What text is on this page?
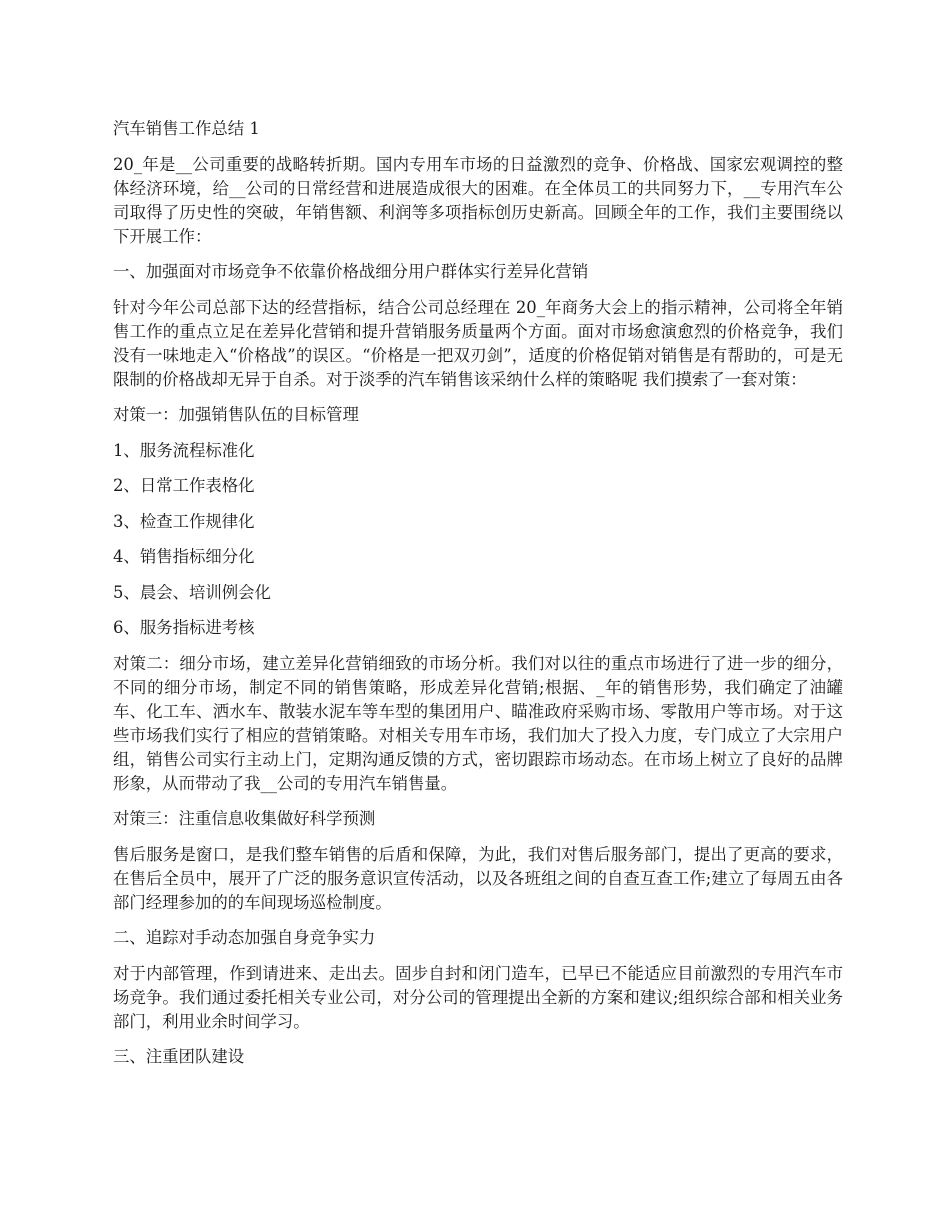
汽车销售工作总结 1

20_年是__公司重要的战略转折期。国内专用车市场的日益激烈的竞争、价格战、国家宏观调控的整体经济环境，给__公司的日常经营和进展造成很大的困难。在全体员工的共同努力下，__专用汽车公司取得了历史性的突破，年销售额、利润等多项指标创历史新高。回顾全年的工作，我们主要围绕以下开展工作：

一、加强面对市场竞争不依靠价格战细分用户群体实行差异化营销

针对今年公司总部下达的经营指标，结合公司总经理在 20_年商务大会上的指示精神，公司将全年销售工作的重点立足在差异化营销和提升营销服务质量两个方面。面对市场愈演愈烈的价格竞争，我们没有一味地走入“价格战”的误区。“价格是一把双刃剑”，适度的价格促销对销售是有帮助的，可是无限制的价格战却无异于自杀。对于淡季的汽车销售该采纳什么样的策略呢 我们摸索了一套对策：

对策一：加强销售队伍的目标管理

1、服务流程标准化

2、日常工作表格化

3、检查工作规律化

4、销售指标细分化

5、晨会、培训例会化

6、服务指标进考核

对策二：细分市场，建立差异化营销细致的市场分析。我们对以往的重点市场进行了进一步的细分，不同的细分市场，制定不同的销售策略，形成差异化营销;根据、_年的销售形势，我们确定了油罐车、化工车、洒水车、散装水泥车等车型的集团用户、瞄准政府采购市场、零散用户等市场。对于这些市场我们实行了相应的营销策略。对相关专用车市场，我们加大了投入力度，专门成立了大宗用户组，销售公司实行主动上门，定期沟通反馈的方式，密切跟踪市场动态。在市场上树立了良好的品牌形象，从而带动了我__公司的专用汽车销售量。

对策三：注重信息收集做好科学预测

售后服务是窗口，是我们整车销售的后盾和保障，为此，我们对售后服务部门，提出了更高的要求，在售后全员中，展开了广泛的服务意识宣传活动，以及各班组之间的自查互查工作;建立了每周五由各部门经理参加的的车间现场巡检制度。

二、追踪对手动态加强自身竞争实力

对于内部管理，作到请进来、走出去。固步自封和闭门造车，已早已不能适应目前激烈的专用汽车市场竞争。我们通过委托相关专业公司，对分公司的管理提出全新的方案和建议;组织综合部和相关业务部门，利用业余时间学习。

三、注重团队建设
